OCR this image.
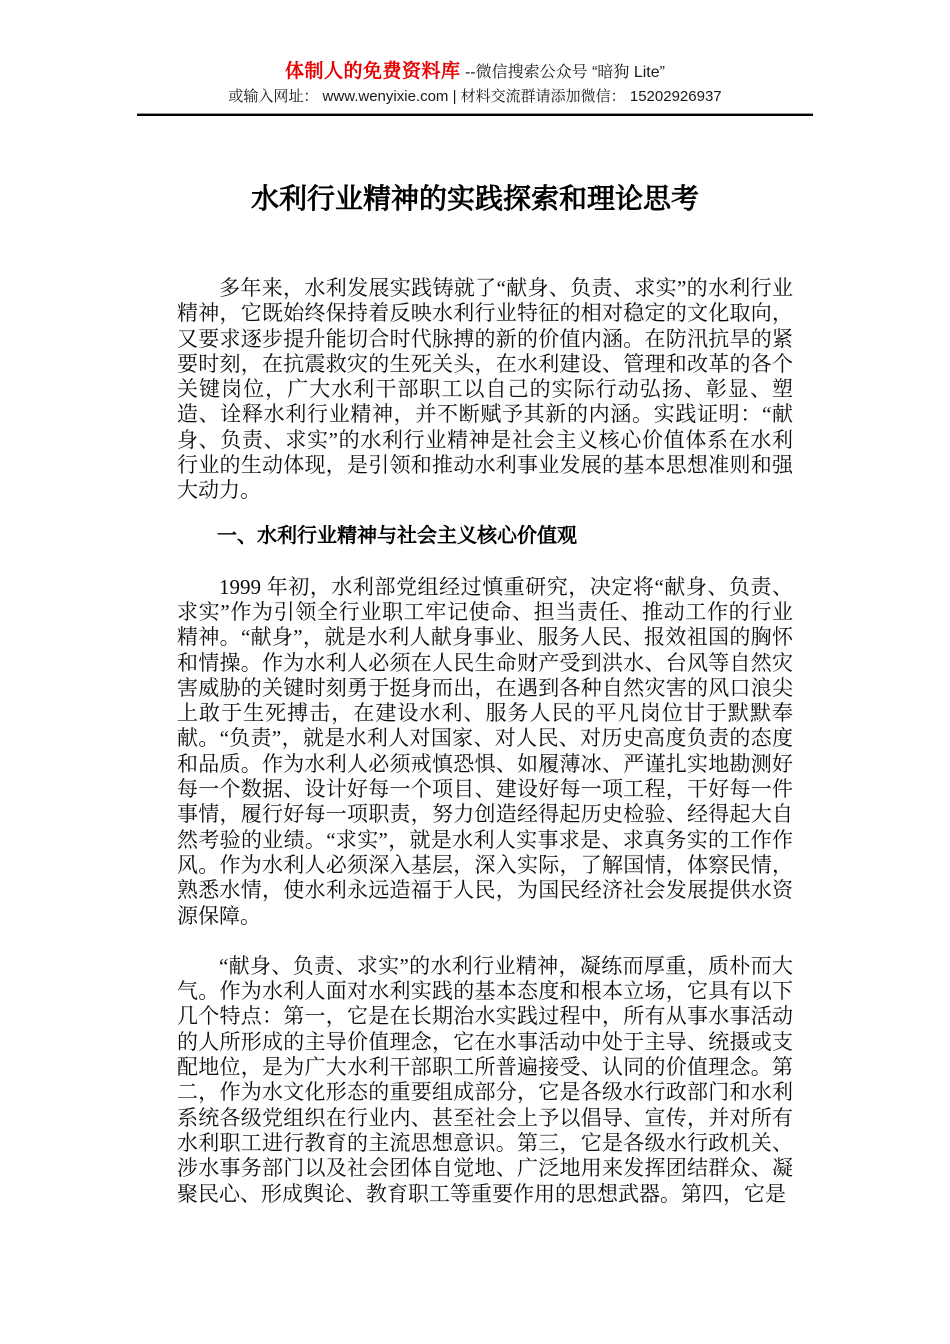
体制人的免费资料库 --微信搜索公众号 “暗狗 Lite”
或输入网址： www.wenyixie.com | 材料交流群请添加微信： 15202926937
水利行业精神的实践探索和理论思考

多年来，水利发展实践铸就了“献身、负责、求实”的水利行业精神，它既始终保持着反映水利行业特征的相对稳定的文化取向，又要求逐步提升能切合时代脉搏的新的价值内涵。在防汛抗旱的紧要时刻，在抗震救灾的生死关头，在水利建设、管理和改革的各个关键岗位，广大水利干部职工以自己的实际行动弘扬、彰显、塑造、诠释水利行业精神，并不断赋予其新的内涵。实践证明：“献身、负责、求实”的水利行业精神是社会主义核心价值体系在水利行业的生动体现，是引领和推动水利事业发展的基本思想准则和强大动力。

一、水利行业精神与社会主义核心价值观

1999 年初，水利部党组经过慎重研究，决定将“献身、负责、求实”作为引领全行业职工牢记使命、担当责任、推动工作的行业精神。“献身”，就是水利人献身事业、服务人民、报效祖国的胸怀和情操。作为水利人必须在人民生命财产受到洪水、台风等自然灾害威胁的关键时刻勇于挺身而出，在遇到各种自然灾害的风口浪尖上敢于生死搏击，在建设水利、服务人民的平凡岗位甘于默默奉献。“负责”，就是水利人对国家、对人民、对历史高度负责的态度和品质。作为水利人必须戒慎恐惧、如履薄冰、严谨扎实地勘测好每一个数据、设计好每一个项目、建设好每一项工程，干好每一件事情，履行好每一项职责，努力创造经得起历史检验、经得起大自然考验的业绩。“求实”，就是水利人实事求是、求真务实的工作作风。作为水利人必须深入基层，深入实际，了解国情，体察民情，熟悉水情，使水利永远造福于人民，为国民经济社会发展提供水资源保障。

“献身、负责、求实”的水利行业精神，凝练而厚重，质朴而大气。作为水利人面对水利实践的基本态度和根本立场，它具有以下几个特点：第一，它是在长期治水实践过程中，所有从事水事活动的人所形成的主导价值理念，它在水事活动中处于主导、统摄或支配地位，是为广大水利干部职工所普遍接受、认同的价值理念。第二，作为水文化形态的重要组成部分，它是各级水行政部门和水利系统各级党组织在行业内、甚至社会上予以倡导、宣传，并对所有水利职工进行教育的主流思想意识。第三，它是各级水行政机关、涉水事务部门以及社会团体自觉地、广泛地用来发挥团结群众、凝聚民心、形成舆论、教育职工等重要作用的思想武器。第四，它是
